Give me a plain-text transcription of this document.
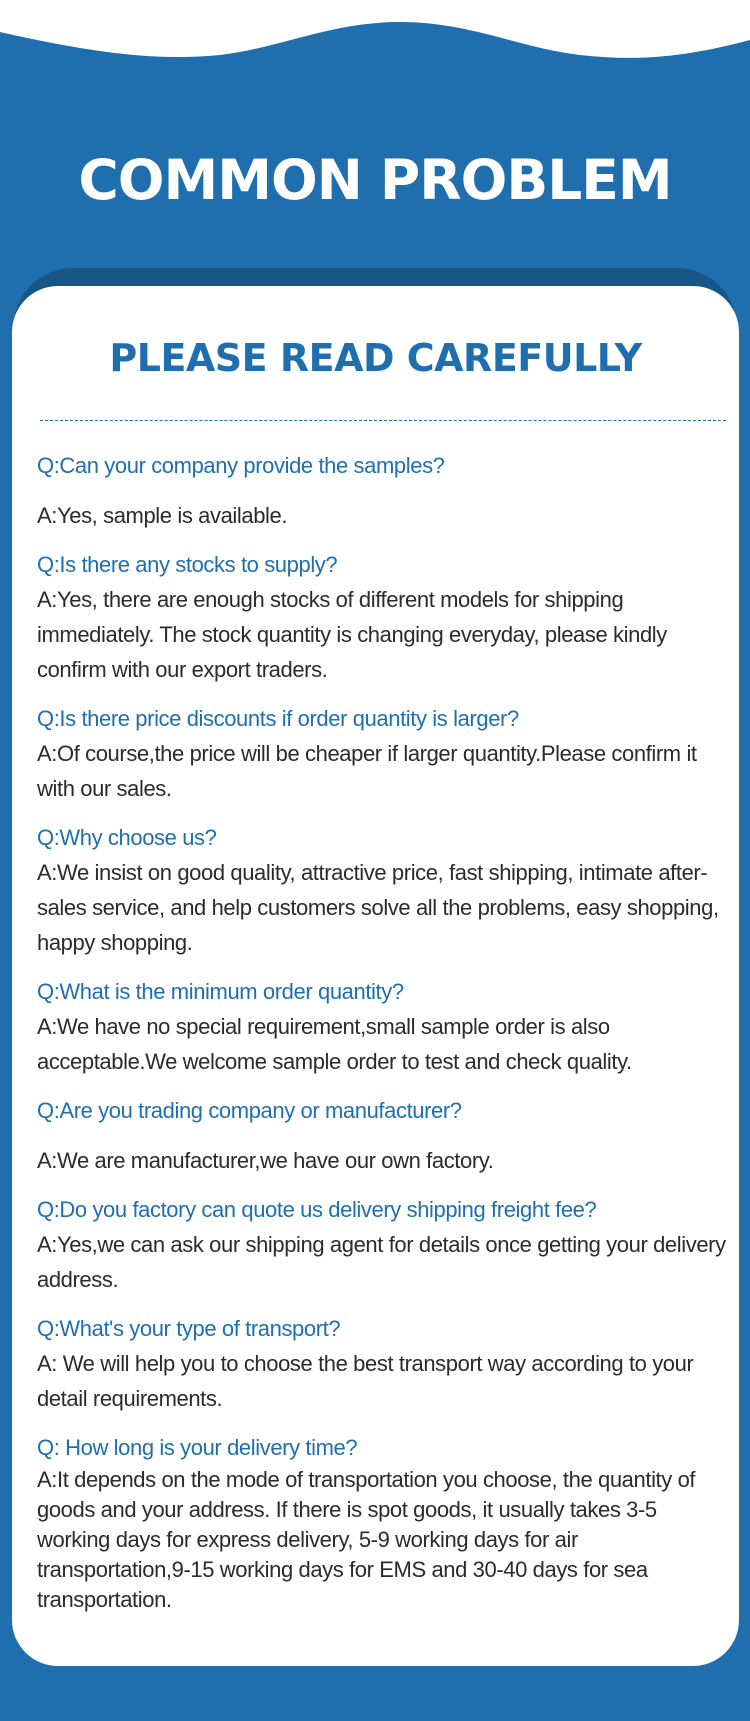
COMMON PROBLEM
PLEASE READ CAREFULLY
Q:Can your company provide the samples?
A:Yes, sample is available.
Q:Is there any stocks to supply?
A:Yes, there are enough stocks of different models for shipping immediately. The stock quantity is changing everyday, please kindly confirm with our export traders.
Q:Is there price discounts if order quantity is larger?
A:Of course,the price will be cheaper if larger quantity.Please confirm it with our sales.
Q:Why choose us?
A:We insist on good quality, attractive price, fast shipping, intimate after-sales service, and help customers solve all the problems, easy shopping, happy shopping.
Q:What is the minimum order quantity?
A:We have no special requirement,small sample order is also acceptable.We welcome sample order to test and check quality.
Q:Are you trading company or manufacturer?
A:We are manufacturer,we have our own factory.
Q:Do you factory can quote us delivery shipping freight fee?
A:Yes,we can ask our shipping agent for details once getting your delivery address.
Q:What's your type of transport?
A: We will help you to choose the best transport way according to your detail requirements.
Q: How long is your delivery time?
A:It depends on the mode of transportation you choose, the quantity of goods and your address. If there is spot goods, it usually takes 3-5 working days for express delivery, 5-9 working days for air transportation,9-15 working days for EMS and 30-40 days for sea transportation.
